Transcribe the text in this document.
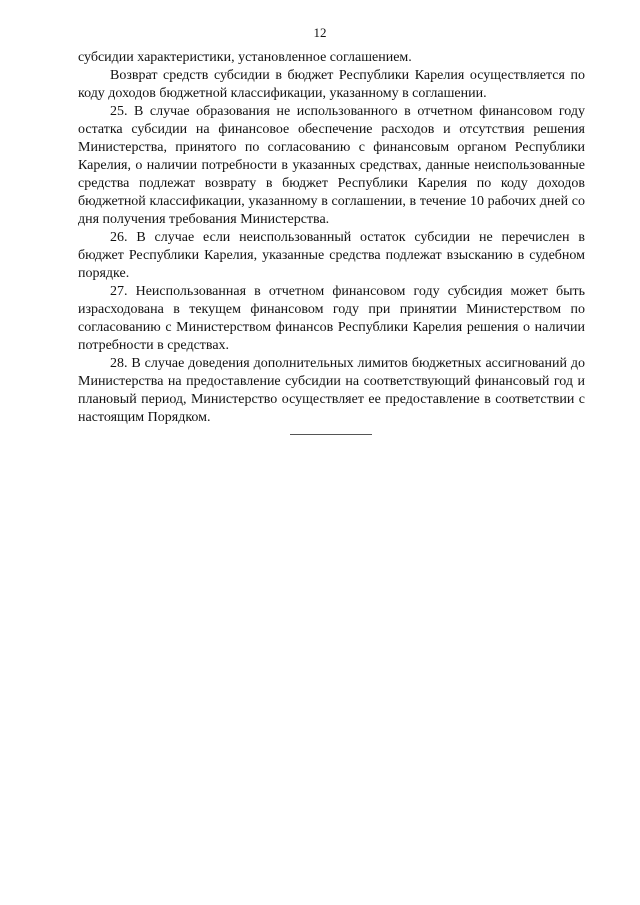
12

субсидии характеристики, установленное соглашением.

Возврат средств субсидии в бюджет Республики Карелия осуществляется по коду доходов бюджетной классификации, указанному в соглашении.

25. В случае образования не использованного в отчетном финансовом году остатка субсидии на финансовое обеспечение расходов и отсутствия решения Министерства, принятого по согласованию с финансовым органом Республики Карелия, о наличии потребности в указанных средствах, данные неиспользованные средства подлежат возврату в бюджет Республики Карелия по коду доходов бюджетной классификации, указанному в соглашении, в течение 10 рабочих дней со дня получения требования Министерства.

26. В случае если неиспользованный остаток субсидии не перечислен в бюджет Республики Карелия, указанные средства подлежат взысканию в судебном порядке.

27. Неиспользованная в отчетном финансовом году субсидия может быть израсходована в текущем финансовом году при принятии Министерством по согласованию с Министерством финансов Республики Карелия решения о наличии потребности в средствах.

28. В случае доведения дополнительных лимитов бюджетных ассигнований до Министерства на предоставление субсидии на соответствующий финансовый год и плановый период, Министерство осуществляет ее предоставление в соответствии с настоящим Порядком.
